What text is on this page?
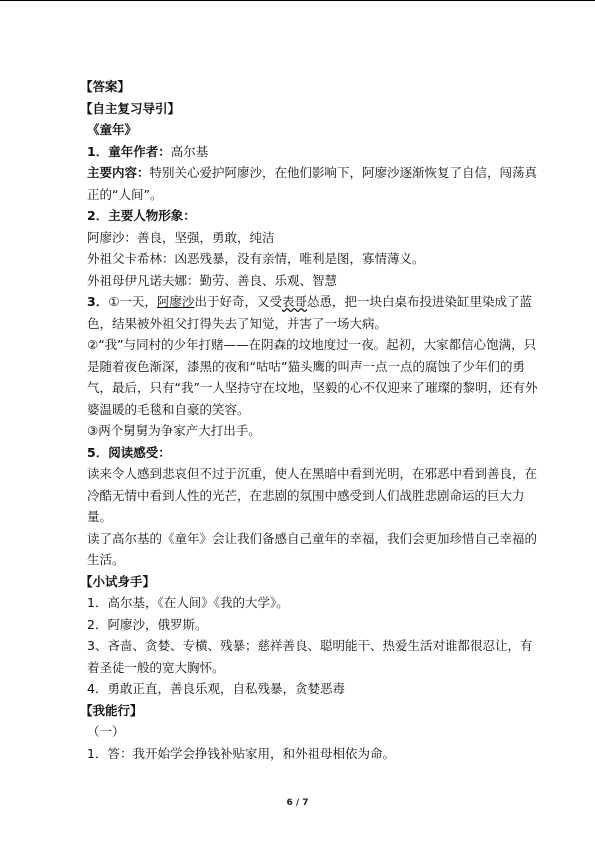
【答案】
【自主复习导引】
《童年》
1．童年作者：高尔基
主要内容：特别关心爱护阿廖沙，在他们影响下，阿廖沙逐渐恢复了自信，闯荡真正的“人间”。
2．主要人物形象：
阿廖沙：善良，坚强，勇敢，纯洁
外祖父卡希林：凶恶残暴，没有亲情，唯利是图，寡情薄义。
外祖母伊凡诺夫娜：勤劳、善良、乐观、智慧
3．①一天，阿廖沙出于好奇，又受表哥怂恿，把一块白桌布投进染缸里染成了蓝色，结果被外祖父打得失去了知觉，并害了一场大病。
②“我”与同村的少年打赌——在阴森的坟地度过一夜。起初，大家都信心饱满，只是随着夜色渐深，漆黑的夜和“咕咕”猫头鹰的叫声一点一点的腐蚀了少年们的勇气，最后，只有“我”一人坚持守在坟地，坚毅的心不仅迎来了璀璨的黎明，还有外婆温暖的毛毯和自豪的笑容。
③两个舅舅为争家产大打出手。
5．阅读感受：
读来令人感到悲哀但不过于沉重，使人在黑暗中看到光明，在邪恶中看到善良，在冷酷无情中看到人性的光芒，在悲剧的氛围中感受到人们战胜悲剧命运的巨大力量。
读了高尔基的《童年》会让我们备感自己童年的幸福，我们会更加珍惜自己幸福的生活。
【小试身手】
1．高尔基，《在人间》《我的大学》。
2．阿廖沙，俄罗斯。
3、吝啬、贪婪、专横、残暴；慈祥善良、聪明能干、热爱生活对谁都很忍让，有着圣徒一般的宽大胸怀。
4．勇敢正直，善良乐观，自私残暴，贪婪恶毒
【我能行】
（一）
1．答：我开始学会挣钱补贴家用，和外祖母相依为命。
6 / 7
